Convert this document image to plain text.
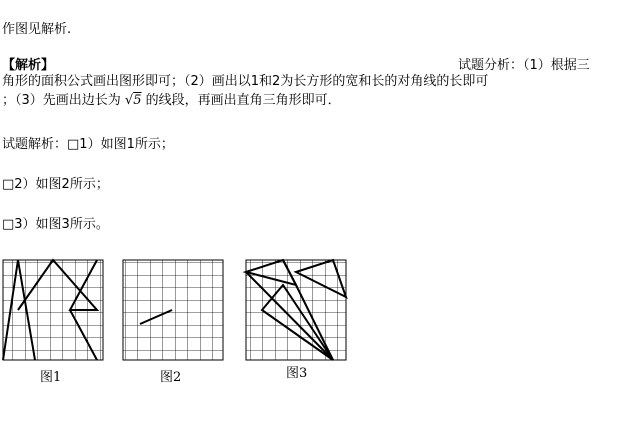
作图见解析.
【解析】	试题分析：（1）根据三
角形的面积公式画出图形即可；（2）画出以1和2为长方形的宽和长的对角线的长即可
；（3）先画出边长为 √5 的线段，再画出直角三角形即可．
试题解析：□1）如图1所示；
□2）如图2所示；
□3）如图3所示。
图1	图2	图3
